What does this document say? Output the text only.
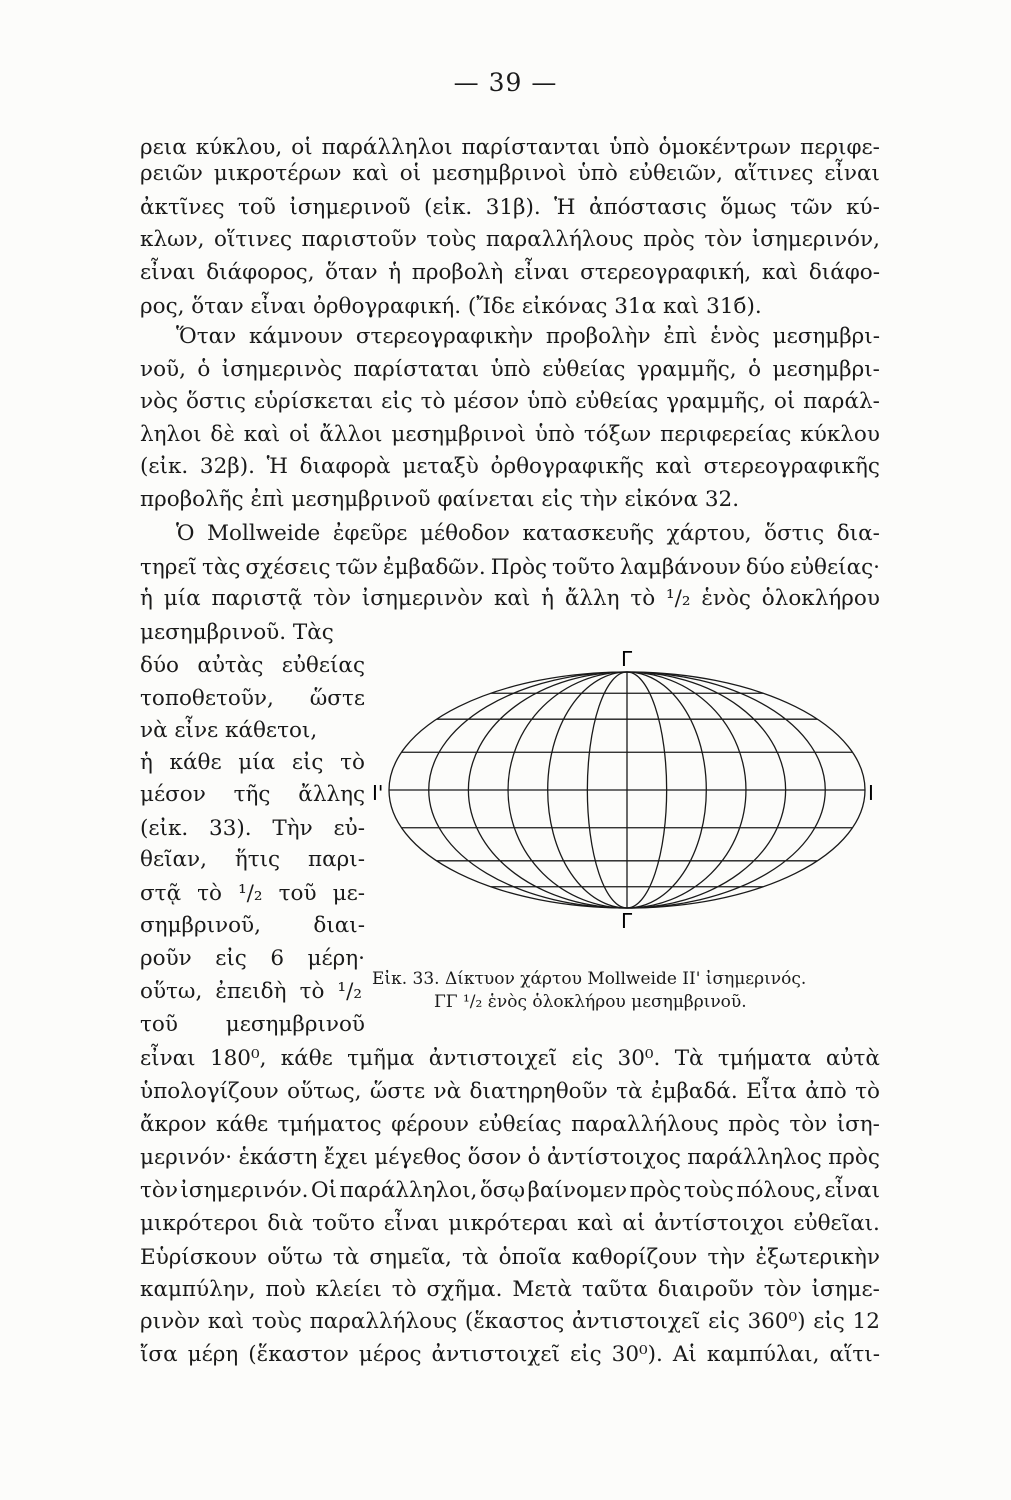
— 39 —
ρεια κύκλου, οἱ παράλληλοι παρίστανται ὑπὸ ὁμοκέντρων περιφε-
ρειῶν μικροτέρων καὶ οἱ μεσημβρινοὶ ὑπὸ εὐθειῶν, αἵτινες εἶναι
ἀκτῖνες τοῦ ἰσημερινοῦ (εἰκ. 31β). Ἡ ἀπόστασις ὅμως τῶν κύ-
κλων, οἵτινες παριστοῦν τοὺς παραλλήλους πρὸς τὸν ἰσημερινόν,
εἶναι διάφορος, ὅταν ἡ προβολὴ εἶναι στερεογραφική, καὶ διάφο-
ρος, ὅταν εἶναι ὀρθογραφική. (Ἴδε εἰκόνας 31α καὶ 31б).
Ὅταν κάμνουν στερεογραφικὴν προβολὴν ἐπὶ ἑνὸς μεσημβρι-
νοῦ, ὁ ἰσημερινὸς παρίσταται ὑπὸ εὐθείας γραμμῆς, ὁ μεσημβρι-
νὸς ὅστις εὑρίσκεται εἰς τὸ μέσον ὑπὸ εὐθείας γραμμῆς, οἱ παράλ-
ληλοι δὲ καὶ οἱ ἄλλοι μεσημβρινοὶ ὑπὸ τόξων περιφερείας κύκλου
(εἰκ. 32β). Ἡ διαφορὰ μεταξὺ ὀρθογραφικῆς καὶ στερεογραφικῆς
προβολῆς ἐπὶ μεσημβρινοῦ φαίνεται εἰς τὴν εἰκόνα 32.
Ὁ Mollweide ἐφεῦρε μέθοδον κατασκευῆς χάρτου, ὅστις δια-
τηρεῖ τὰς σχέσεις τῶν ἐμβαδῶν. Πρὸς τοῦτο λαμβάνουν δύο εὐθείας·
ἡ μία παριστᾷ τὸν ἰσημερινὸν καὶ ἡ ἄλλη τὸ ¹/₂ ἑνὸς ὁλοκλήρου
μεσημβρινοῦ. Τὰς
δύο αὐτὰς εὐθείας
τοποθετοῦν, ὥστε
νὰ εἶνε κάθετοι,
ἡ κάθε μία εἰς τὸ
μέσον τῆς ἄλλης
(εἰκ. 33). Τὴν εὐ-
θεῖαν, ἥτις παρι-
στᾷ τὸ ¹/₂ τοῦ με-
σημβρινοῦ, διαι-
ροῦν εἰς 6 μέρη·
οὕτω, ἐπειδὴ τὸ ¹/₂
τοῦ μεσημβρινοῦ
εἶναι 180⁰, κάθε τμῆμα ἀντιστοιχεῖ εἰς 30⁰. Τὰ τμήματα αὐτὰ
ὑπολογίζουν οὕτως, ὥστε νὰ διατηρηθοῦν τὰ ἐμβαδά. Εἶτα ἀπὸ τὸ
ἄκρον κάθε τμήματος φέρουν εὐθείας παραλλήλους πρὸς τὸν ἰση-
μερινόν· ἑκάστη ἔχει μέγεθος ὅσον ὁ ἀντίστοιχος παράλληλος πρὸς
τὸν ἰσημερινόν. Οἱ παράλληλοι, ὅσῳ βαίνομεν πρὸς τοὺς πόλους, εἶναι
μικρότεροι διὰ τοῦτο εἶναι μικρότεραι καὶ αἱ ἀντίστοιχοι εὐθεῖαι.
Εὑρίσκουν οὕτω τὰ σημεῖα, τὰ ὁποῖα καθορίζουν τὴν ἐξωτερικὴν
καμπύλην, ποὺ κλείει τὸ σχῆμα. Μετὰ ταῦτα διαιροῦν τὸν ἰσημε-
ρινὸν καὶ τοὺς παραλλήλους (ἕκαστος ἀντιστοιχεῖ εἰς 360⁰) εἰς 12
ἴσα μέρη (ἕκαστον μέρος ἀντιστοιχεῖ εἰς 30⁰). Αἱ καμπύλαι, αἵτι-
Γ
Γ
Ι'	Ι
Εἰκ. 33. Δίκτυον χάρτου Mollweide ΙΙ' ἰσημερινός.
ΓΓ ¹/₂ ἑνὸς ὁλοκλήρου μεσημβρινοῦ.
